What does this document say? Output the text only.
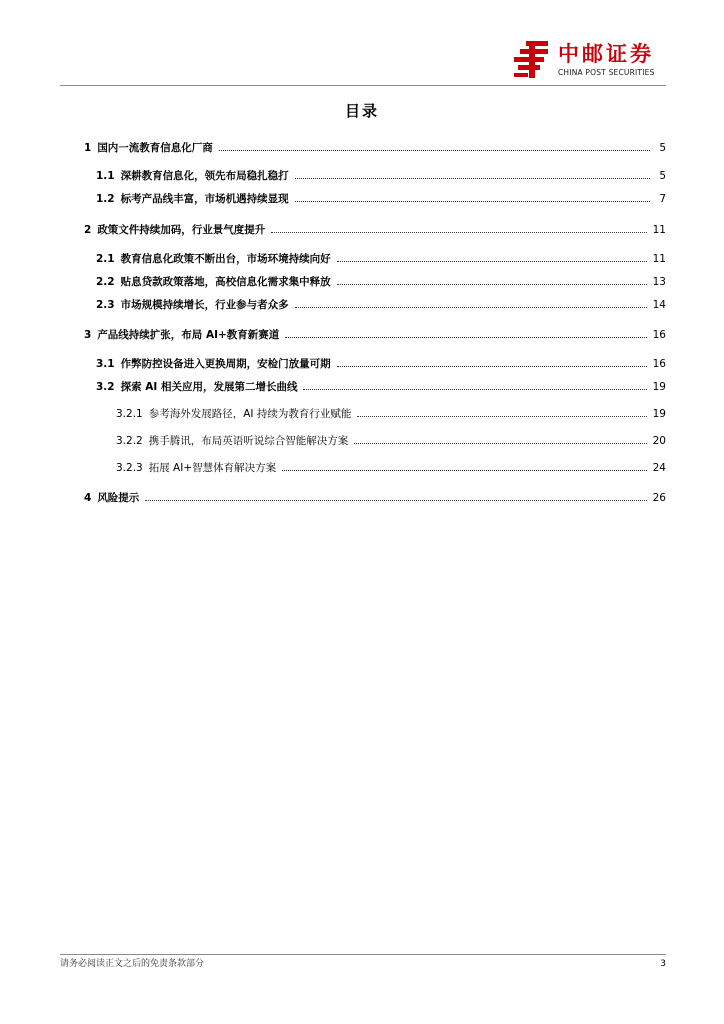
中邮证券
CHINA POST SECURITIES
目录
1 国内一流教育信息化厂商	5
1.1 深耕教育信息化，领先布局稳扎稳打	5
1.2 标考产品线丰富，市场机遇持续显现	7
2 政策文件持续加码，行业景气度提升	11
2.1 教育信息化政策不断出台，市场环境持续向好	11
2.2 贴息贷款政策落地，高校信息化需求集中释放	13
2.3 市场规模持续增长，行业参与者众多	14
3 产品线持续扩张，布局 AI+教育新赛道	16
3.1 作弊防控设备进入更换周期，安检门放量可期	16
3.2 探索 AI 相关应用，发展第二增长曲线	19
3.2.1 参考海外发展路径，AI 持续为教育行业赋能	19
3.2.2 携手腾讯，布局英语听说综合智能解决方案	20
3.2.3 拓展 AI+智慧体育解决方案	24
4 风险提示	26
请务必阅读正文之后的免责条款部分	3
